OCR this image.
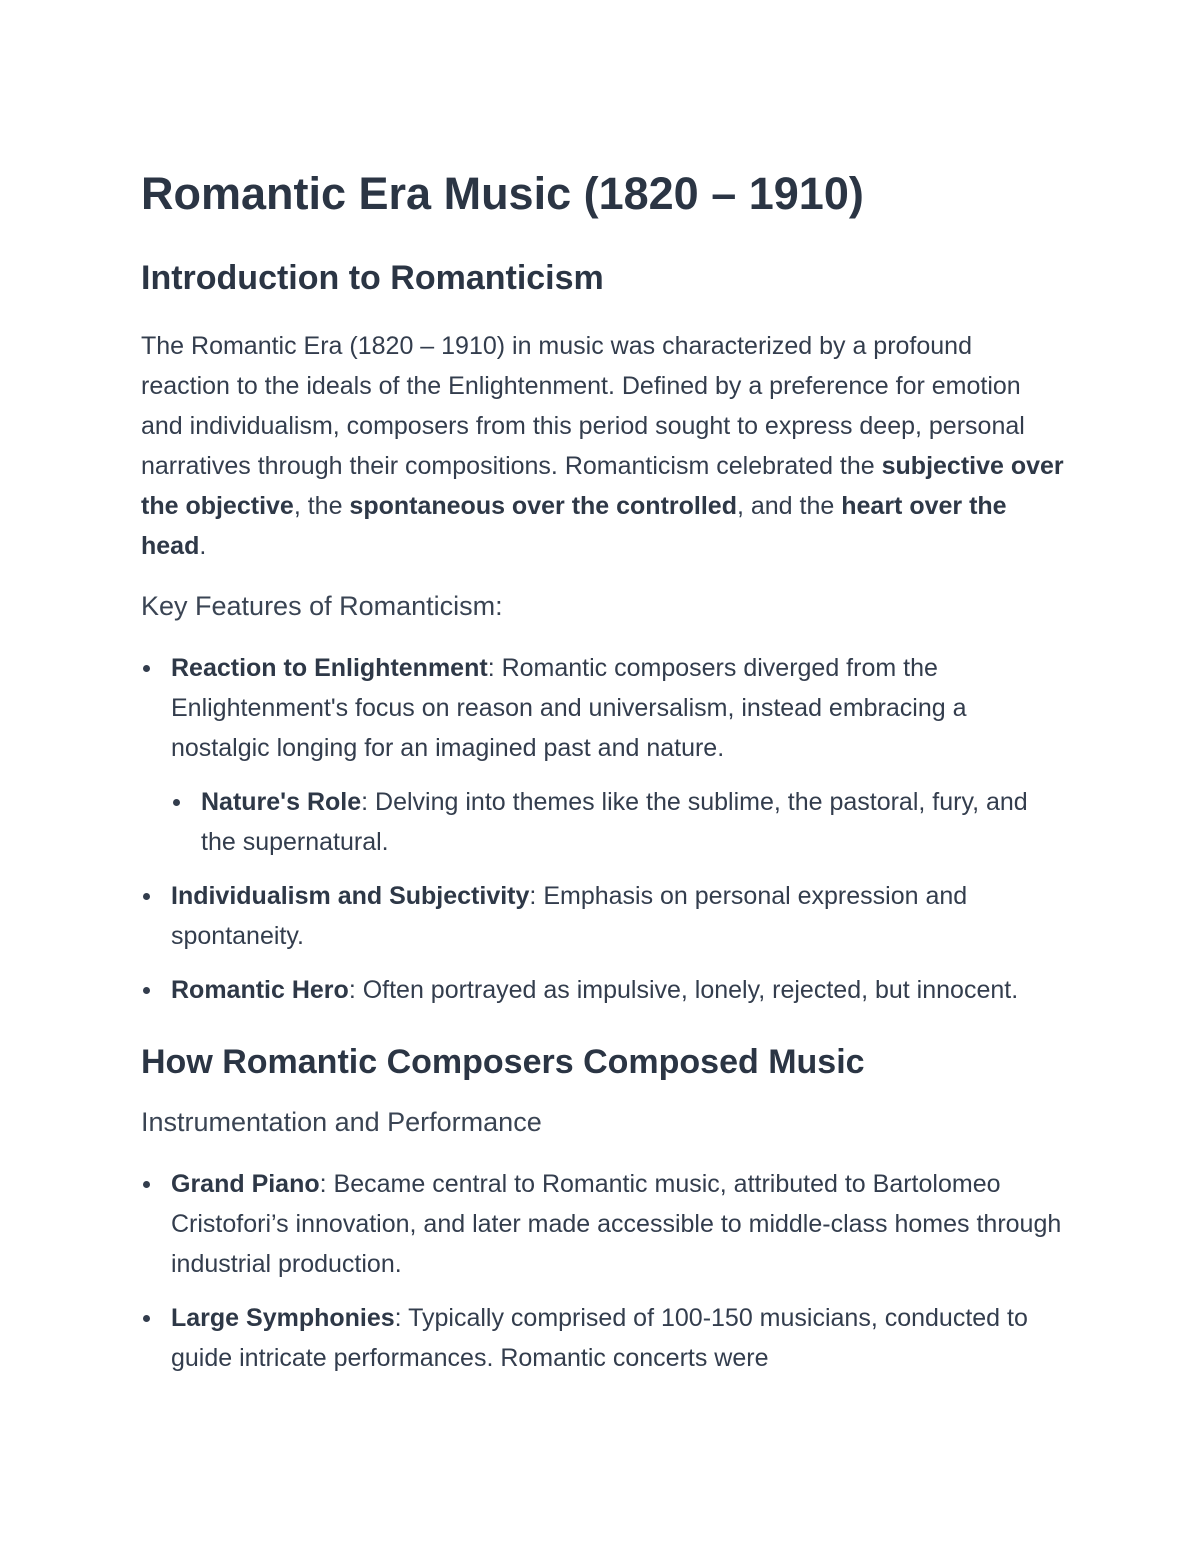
Romantic Era Music (1820 – 1910)
Introduction to Romanticism

The Romantic Era (1820 – 1910) in music was characterized by a profound reaction to the ideals of the Enlightenment. Defined by a preference for emotion and individualism, composers from this period sought to express deep, personal narratives through their compositions. Romanticism celebrated the subjective over the objective, the spontaneous over the controlled, and the heart over the head.

Key Features of Romanticism:
Reaction to Enlightenment: Romantic composers diverged from the Enlightenment's focus on reason and universalism, instead embracing a nostalgic longing for an imagined past and nature.
Nature's Role: Delving into themes like the sublime, the pastoral, fury, and the supernatural.
Individualism and Subjectivity: Emphasis on personal expression and spontaneity.
Romantic Hero: Often portrayed as impulsive, lonely, rejected, but innocent.
How Romantic Composers Composed Music
Instrumentation and Performance
Grand Piano: Became central to Romantic music, attributed to Bartolomeo Cristofori’s innovation, and later made accessible to middle-class homes through industrial production.
Large Symphonies: Typically comprised of 100-150 musicians, conducted to guide intricate performances. Romantic concerts were
